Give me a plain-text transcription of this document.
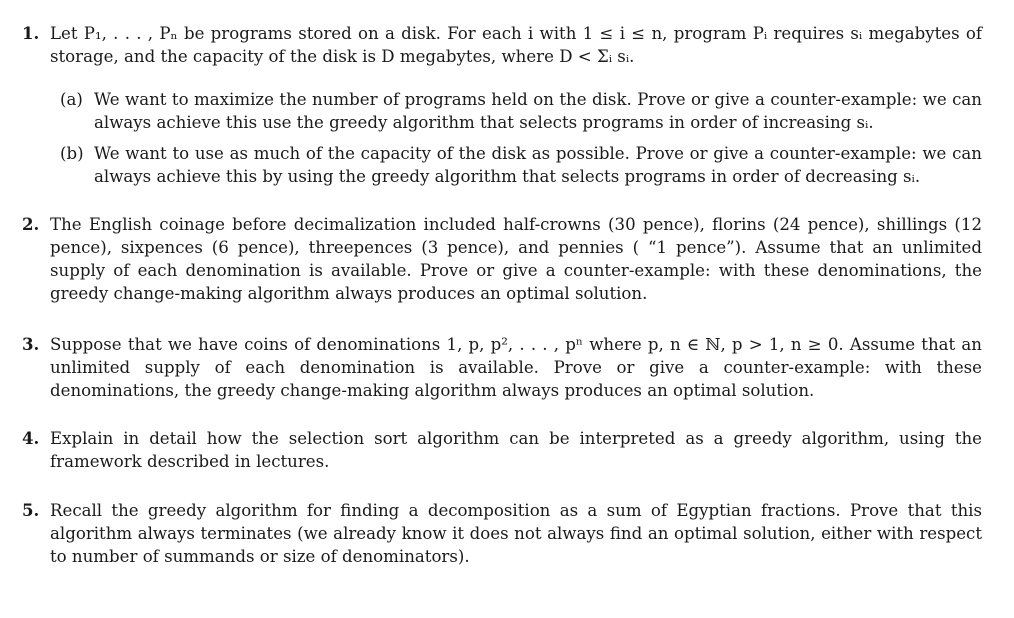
1. Let P₁, . . . , Pₙ be programs stored on a disk. For each i with 1 ≤ i ≤ n, program Pᵢ requires sᵢ megabytes of storage, and the capacity of the disk is D megabytes, where D < Σᵢ sᵢ.
(a) We want to maximize the number of programs held on the disk. Prove or give a counter-example: we can always achieve this use the greedy algorithm that selects programs in order of increasing sᵢ.
(b) We want to use as much of the capacity of the disk as possible. Prove or give a counter-example: we can always achieve this by using the greedy algorithm that selects programs in order of decreasing sᵢ.
2. The English coinage before decimalization included half-crowns (30 pence), florins (24 pence), shillings (12 pence), sixpences (6 pence), threepences (3 pence), and pennies ( “1 pence”). Assume that an unlimited supply of each denomination is available. Prove or give a counter-example: with these denominations, the greedy change-making algorithm always produces an optimal solution.
3. Suppose that we have coins of denominations 1, p, p², . . . , pⁿ where p, n ∈ ℕ, p > 1, n ≥ 0. Assume that an unlimited supply of each denomination is available. Prove or give a counter-example: with these denominations, the greedy change-making algorithm always produces an optimal solution.
4. Explain in detail how the selection sort algorithm can be interpreted as a greedy algorithm, using the framework described in lectures.
5. Recall the greedy algorithm for finding a decomposition as a sum of Egyptian fractions. Prove that this algorithm always terminates (we already know it does not always find an optimal solution, either with respect to number of summands or size of denominators).
